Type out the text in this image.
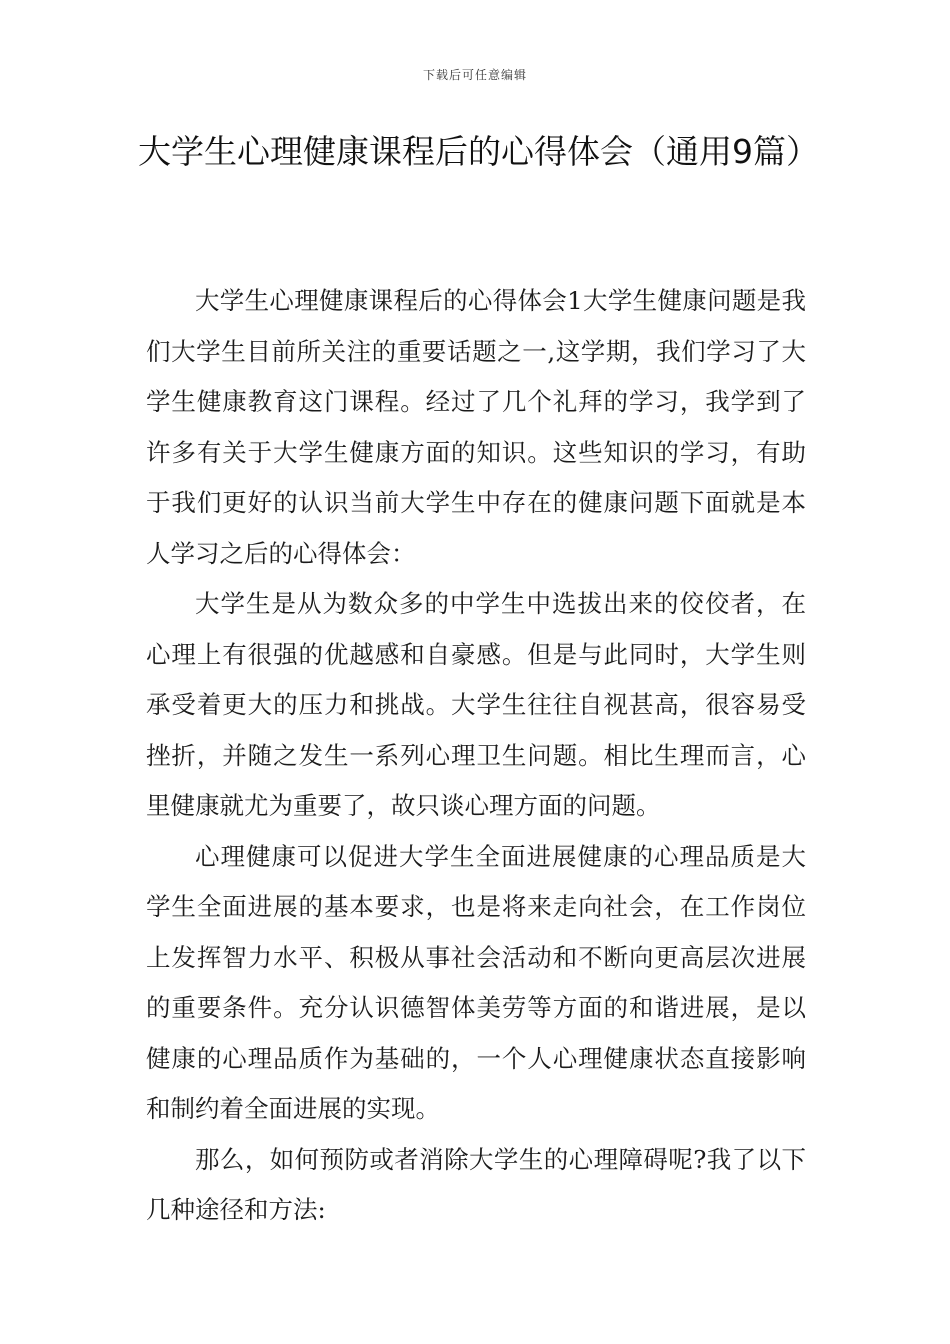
下载后可任意编辑
大学生心理健康课程后的心得体会（通用9篇）

大学生心理健康课程后的心得体会1大学生健康问题是我们大学生目前所关注的重要话题之一,这学期，我们学习了大学生健康教育这门课程。经过了几个礼拜的学习，我学到了许多有关于大学生健康方面的知识。这些知识的学习，有助于我们更好的认识当前大学生中存在的健康问题下面就是本人学习之后的心得体会：

大学生是从为数众多的中学生中选拔出来的佼佼者，在心理上有很强的优越感和自豪感。但是与此同时，大学生则承受着更大的压力和挑战。大学生往往自视甚高，很容易受挫折，并随之发生一系列心理卫生问题。相比生理而言，心里健康就尤为重要了，故只谈心理方面的问题。

心理健康可以促进大学生全面进展健康的心理品质是大学生全面进展的基本要求，也是将来走向社会，在工作岗位上发挥智力水平、积极从事社会活动和不断向更高层次进展的重要条件。充分认识德智体美劳等方面的和谐进展，是以健康的心理品质作为基础的，一个人心理健康状态直接影响和制约着全面进展的实现。

那么，如何预防或者消除大学生的心理障碍呢?我了以下几种途径和方法:
